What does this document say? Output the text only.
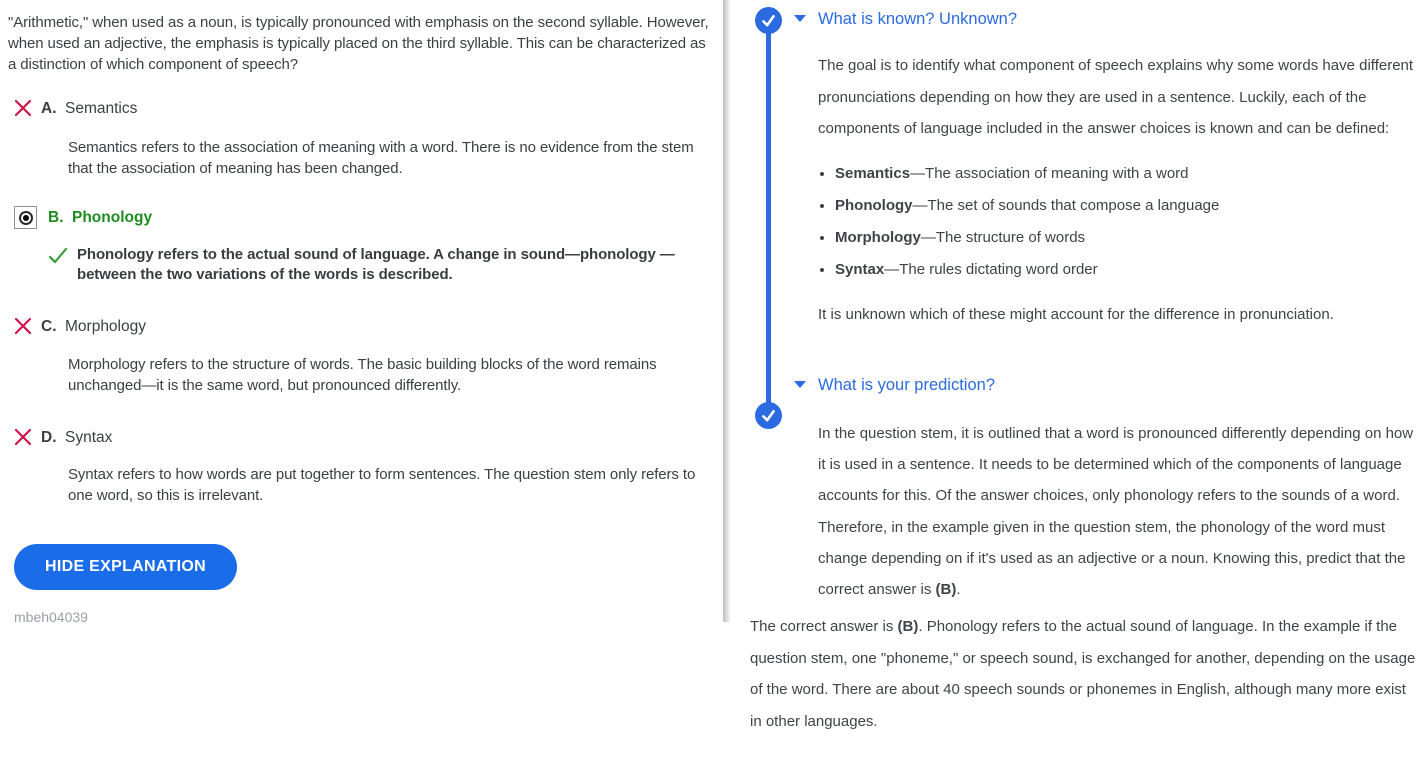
"Arithmetic," when used as a noun, is typically pronounced with emphasis on the second syllable. However, when used an adjective, the emphasis is typically placed on the third syllable. This can be characterized as a distinction of which component of speech?

A. Semantics

Semantics refers to the association of meaning with a word. There is no evidence from the stem that the association of meaning has been changed.

B. Phonology

Phonology refers to the actual sound of language. A change in sound—phonology —between the two variations of the words is described.

C. Morphology

Morphology refers to the structure of words. The basic building blocks of the word remains unchanged—it is the same word, but pronounced differently.

D. Syntax

Syntax refers to how words are put together to form sentences. The question stem only refers to one word, so this is irrelevant.

HIDE EXPLANATION
mbeh04039
What is known? Unknown?

The goal is to identify what component of speech explains why some words have different pronunciations depending on how they are used in a sentence. Luckily, each of the components of language included in the answer choices is known and can be defined:

• Semantics—The association of meaning with a word
• Phonology—The set of sounds that compose a language
• Morphology—The structure of words
• Syntax—The rules dictating word order

It is unknown which of these might account for the difference in pronunciation.

What is your prediction?

In the question stem, it is outlined that a word is pronounced differently depending on how it is used in a sentence. It needs to be determined which of the components of language accounts for this. Of the answer choices, only phonology refers to the sounds of a word. Therefore, in the example given in the question stem, the phonology of the word must change depending on if it's used as an adjective or a noun. Knowing this, predict that the correct answer is (B).

The correct answer is (B). Phonology refers to the actual sound of language. In the example if the question stem, one "phoneme," or speech sound, is exchanged for another, depending on the usage of the word. There are about 40 speech sounds or phonemes in English, although many more exist in other languages.
